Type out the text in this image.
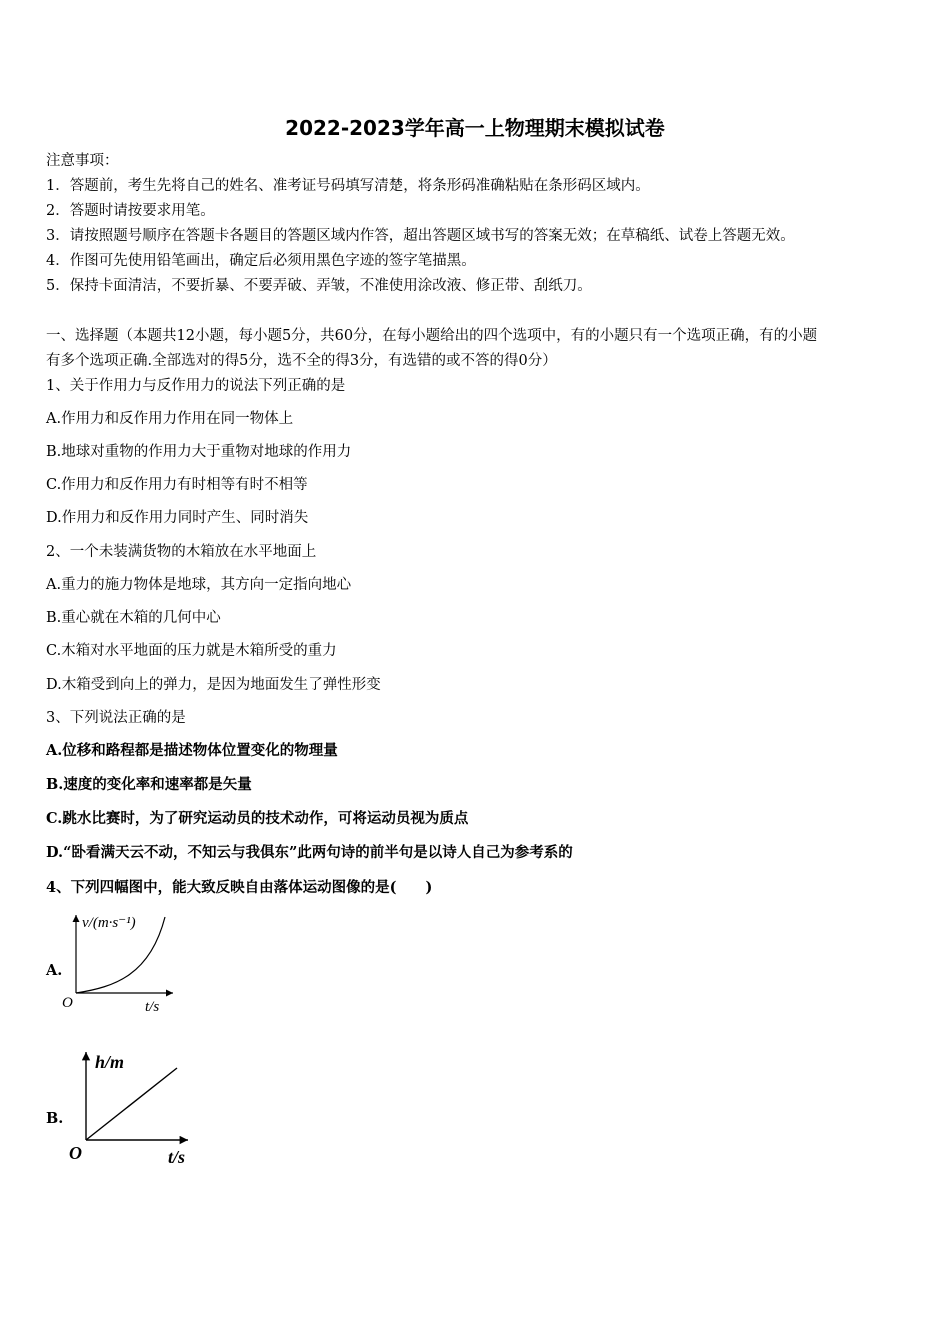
2022-2023学年高一上物理期末模拟试卷
注意事项：
1．答题前，考生先将自己的姓名、准考证号码填写清楚，将条形码准确粘贴在条形码区域内。
2．答题时请按要求用笔。
3．请按照题号顺序在答题卡各题目的答题区域内作答，超出答题区域书写的答案无效；在草稿纸、试卷上答题无效。
4．作图可先使用铅笔画出，确定后必须用黑色字迹的签字笔描黑。
5．保持卡面清洁，不要折暴、不要弄破、弄皱，不准使用涂改液、修正带、刮纸刀。
一、选择题（本题共12小题，每小题5分，共60分，在每小题给出的四个选项中，有的小题只有一个选项正确，有的小题
有多个选项正确.全部选对的得5分，选不全的得3分，有选错的或不答的得0分）
1、关于作用力与反作用力的说法下列正确的是
A.作用力和反作用力作用在同一物体上
B.地球对重物的作用力大于重物对地球的作用力
C.作用力和反作用力有时相等有时不相等
D.作用力和反作用力同时产生、同时消失
2、一个未装满货物的木箱放在水平地面上
A.重力的施力物体是地球，其方向一定指向地心
B.重心就在木箱的几何中心
C.木箱对水平地面的压力就是木箱所受的重力
D.木箱受到向上的弹力，是因为地面发生了弹性形变
3、下列说法正确的是
A.位移和路程都是描述物体位置变化的物理量
B.速度的变化率和速率都是矢量
C.跳水比赛时，为了研究运动员的技术动作，可将运动员视为质点
D.“卧看满天云不动，不知云与我俱东”此两句诗的前半句是以诗人自己为参考系的
4、下列四幅图中，能大致反映自由落体运动图像的是(　　)
A.
v/(m·s⁻¹)
O	t/s
B.
h/m
O	t/s
